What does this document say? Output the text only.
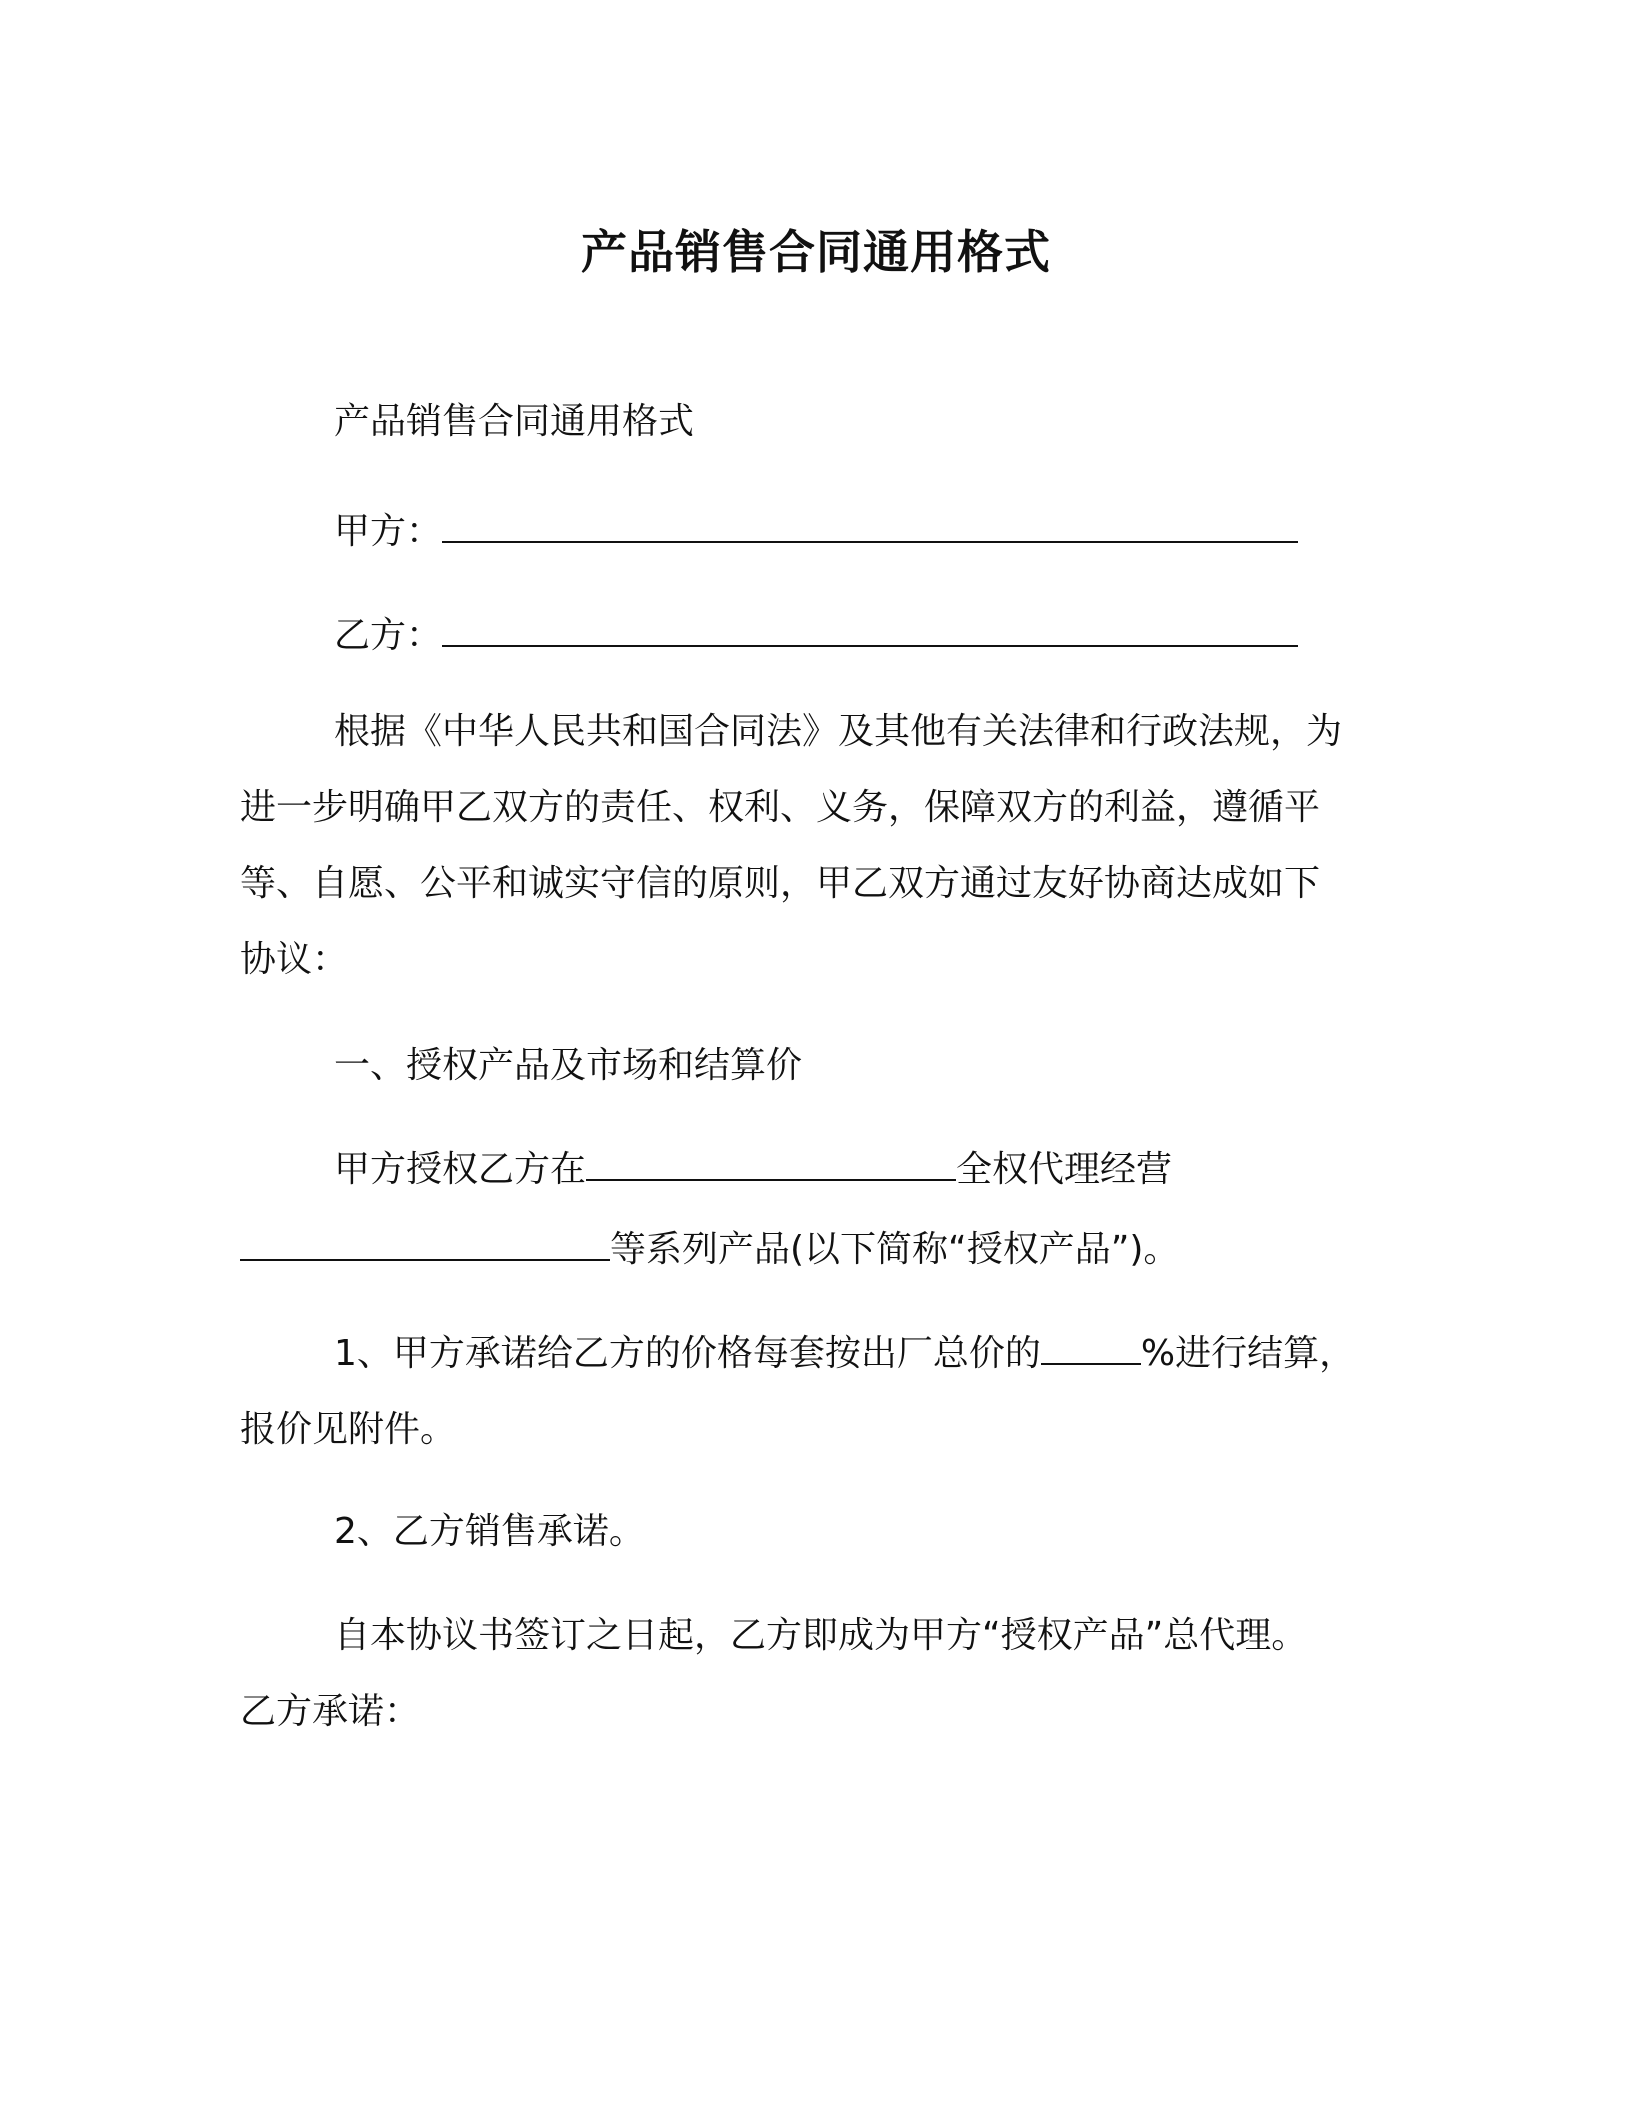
产品销售合同通用格式
产品销售合同通用格式
甲方：
乙方：
根据《中华人民共和国合同法》及其他有关法律和行政法规，为
进一步明确甲乙双方的责任、权利、义务，保障双方的利益，遵循平
等、自愿、公平和诚实守信的原则，甲乙双方通过友好协商达成如下
协议：
一、授权产品及市场和结算价
甲方授权乙方在	全权代理经营
等系列产品(以下简称“授权产品”)。
1、甲方承诺给乙方的价格每套按出厂总价的	%进行结算，
报价见附件。
2、乙方销售承诺。
自本协议书签订之日起，乙方即成为甲方“授权产品”总代理。
乙方承诺：
